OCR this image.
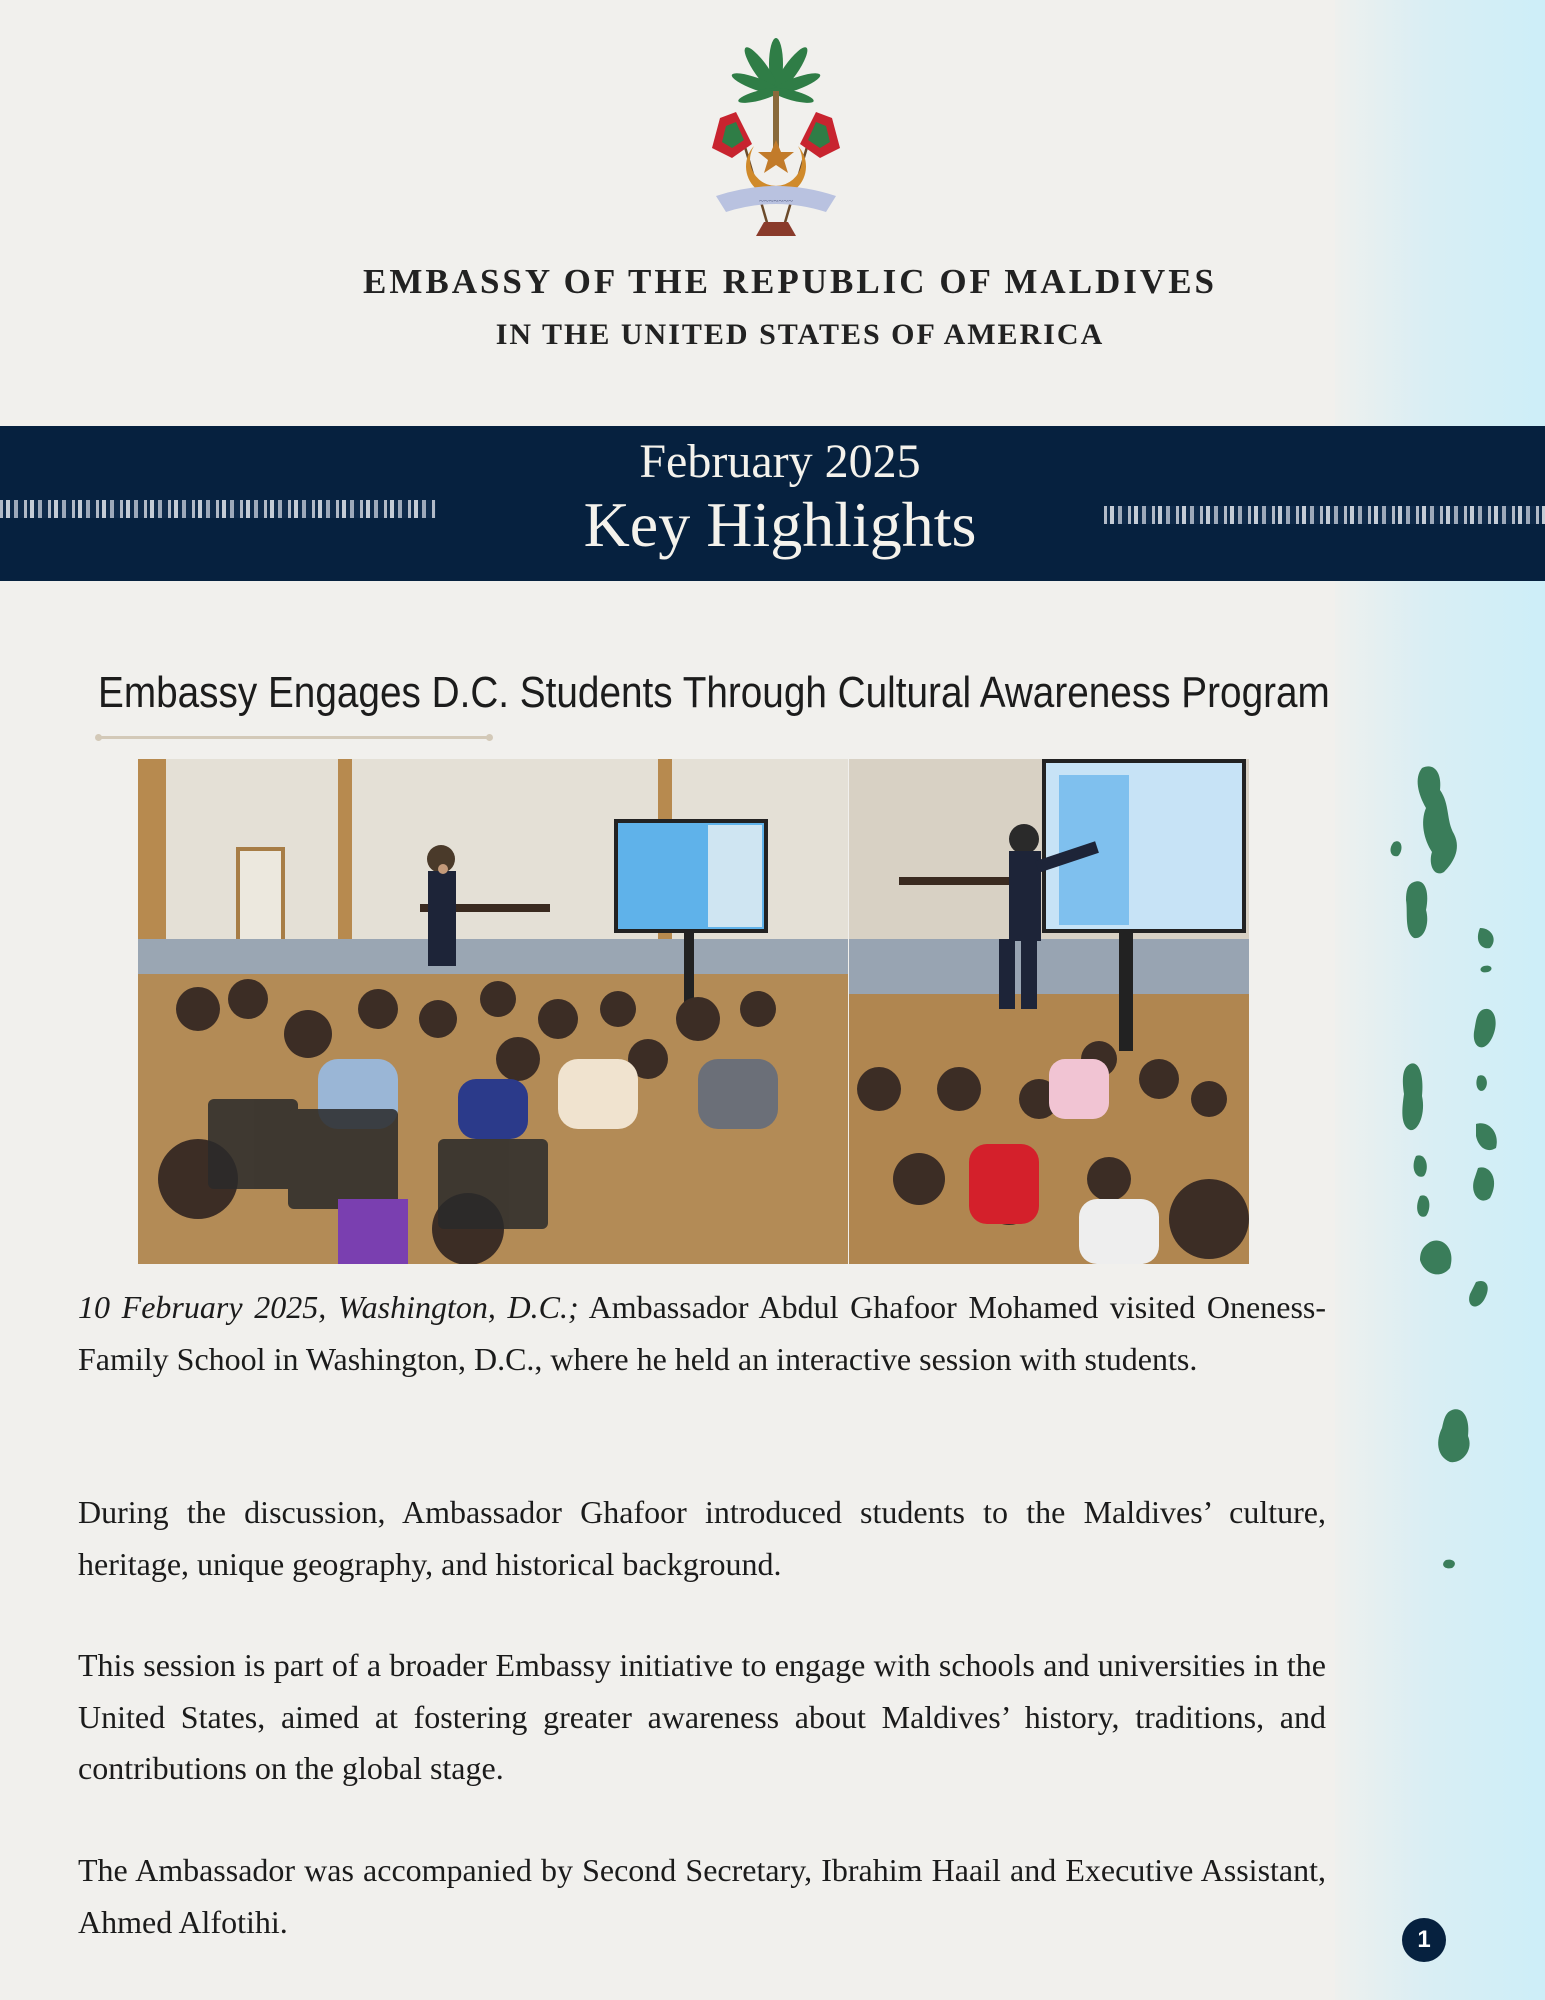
~~~~~~~
EMBASSY OF THE REPUBLIC OF MALDIVES
IN THE UNITED STATES OF AMERICA
February 2025
Key Highlights
Embassy Engages D.C. Students Through Cultural Awareness Program
10 February 2025, Washington, D.C.; Ambassador Abdul Ghafoor Mohamed visited Oneness-Family School in Washington, D.C., where he held an interactive session with students.
During the discussion, Ambassador Ghafoor introduced students to the Maldives’ culture, heritage, unique geography, and historical background.
This session is part of a broader Embassy initiative to engage with schools and universities in the United States, aimed at fostering greater awareness about Maldives’ history, traditions, and contributions on the global stage.
The Ambassador was accompanied by Second Secretary, Ibrahim Haail and Executive Assistant, Ahmed Alfotihi.	1
